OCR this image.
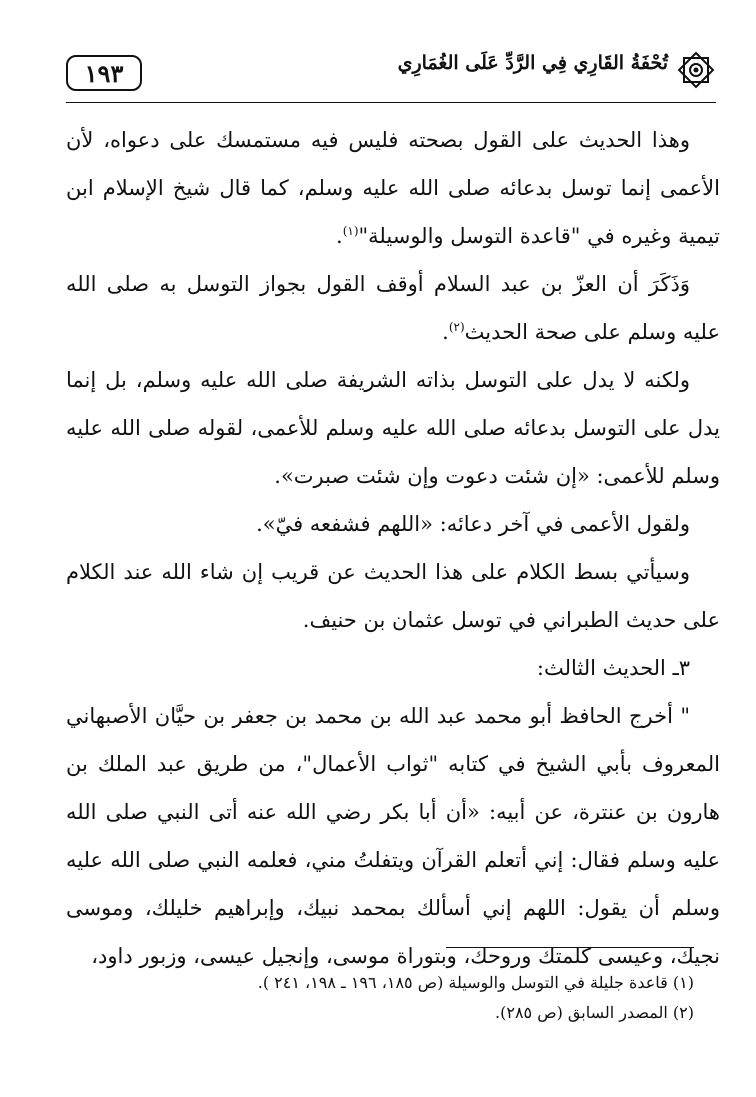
تُحْفَةُ القَارِي فِي الرَّدِّ عَلَى الغُمَارِي
١٩٣

وهذا الحديث على القول بصحته فليس فيه مستمسك على دعواه، لأن الأعمى إنما توسل بدعائه صلى الله عليه وسلم، كما قال شيخ الإسلام ابن تيمية وغيره في "قاعدة التوسل والوسيلة"$^{(١)}$.

وَذَكَرَ أن العزّ بن عبد السلام أوقف القول بجواز التوسل به صلى الله عليه وسلم على صحة الحديث$^{(٢)}$.

ولكنه لا يدل على التوسل بذاته الشريفة صلى الله عليه وسلم، بل إنما يدل على التوسل بدعائه صلى الله عليه وسلم للأعمى، لقوله صلى الله عليه وسلم للأعمى: «إن شئت دعوت وإن شئت صبرت».

ولقول الأعمى في آخر دعائه: «اللهم فشفعه فيّ».

وسيأتي بسط الكلام على هذا الحديث عن قريب إن شاء الله عند الكلام على حديث الطبراني في توسل عثمان بن حنيف.

٣ـ الحديث الثالث:

" أخرج الحافظ أبو محمد عبد الله بن محمد بن جعفر بن حيَّان الأصبهاني المعروف بأبي الشيخ في كتابه "ثواب الأعمال"، من طريق عبد الملك بن هارون بن عنترة، عن أبيه: «أن أبا بكر رضي الله عنه أتى النبي صلى الله عليه وسلم فقال: إني أتعلم القرآن ويتفلتُ مني، فعلمه النبي صلى الله عليه وسلم أن يقول: اللهم إني أسألك بمحمد نبيك، وإبراهيم خليلك، وموسى نجيك، وعيسى كلمتك وروحك، وبتوراة موسى، وإنجيل عيسى، وزبور داود،

(١) قاعدة جليلة في التوسل والوسيلة (ص ١٨٥، ١٩٦ ـ ١٩٨، ٢٤١ ).
(٢) المصدر السابق (ص ٢٨٥).
